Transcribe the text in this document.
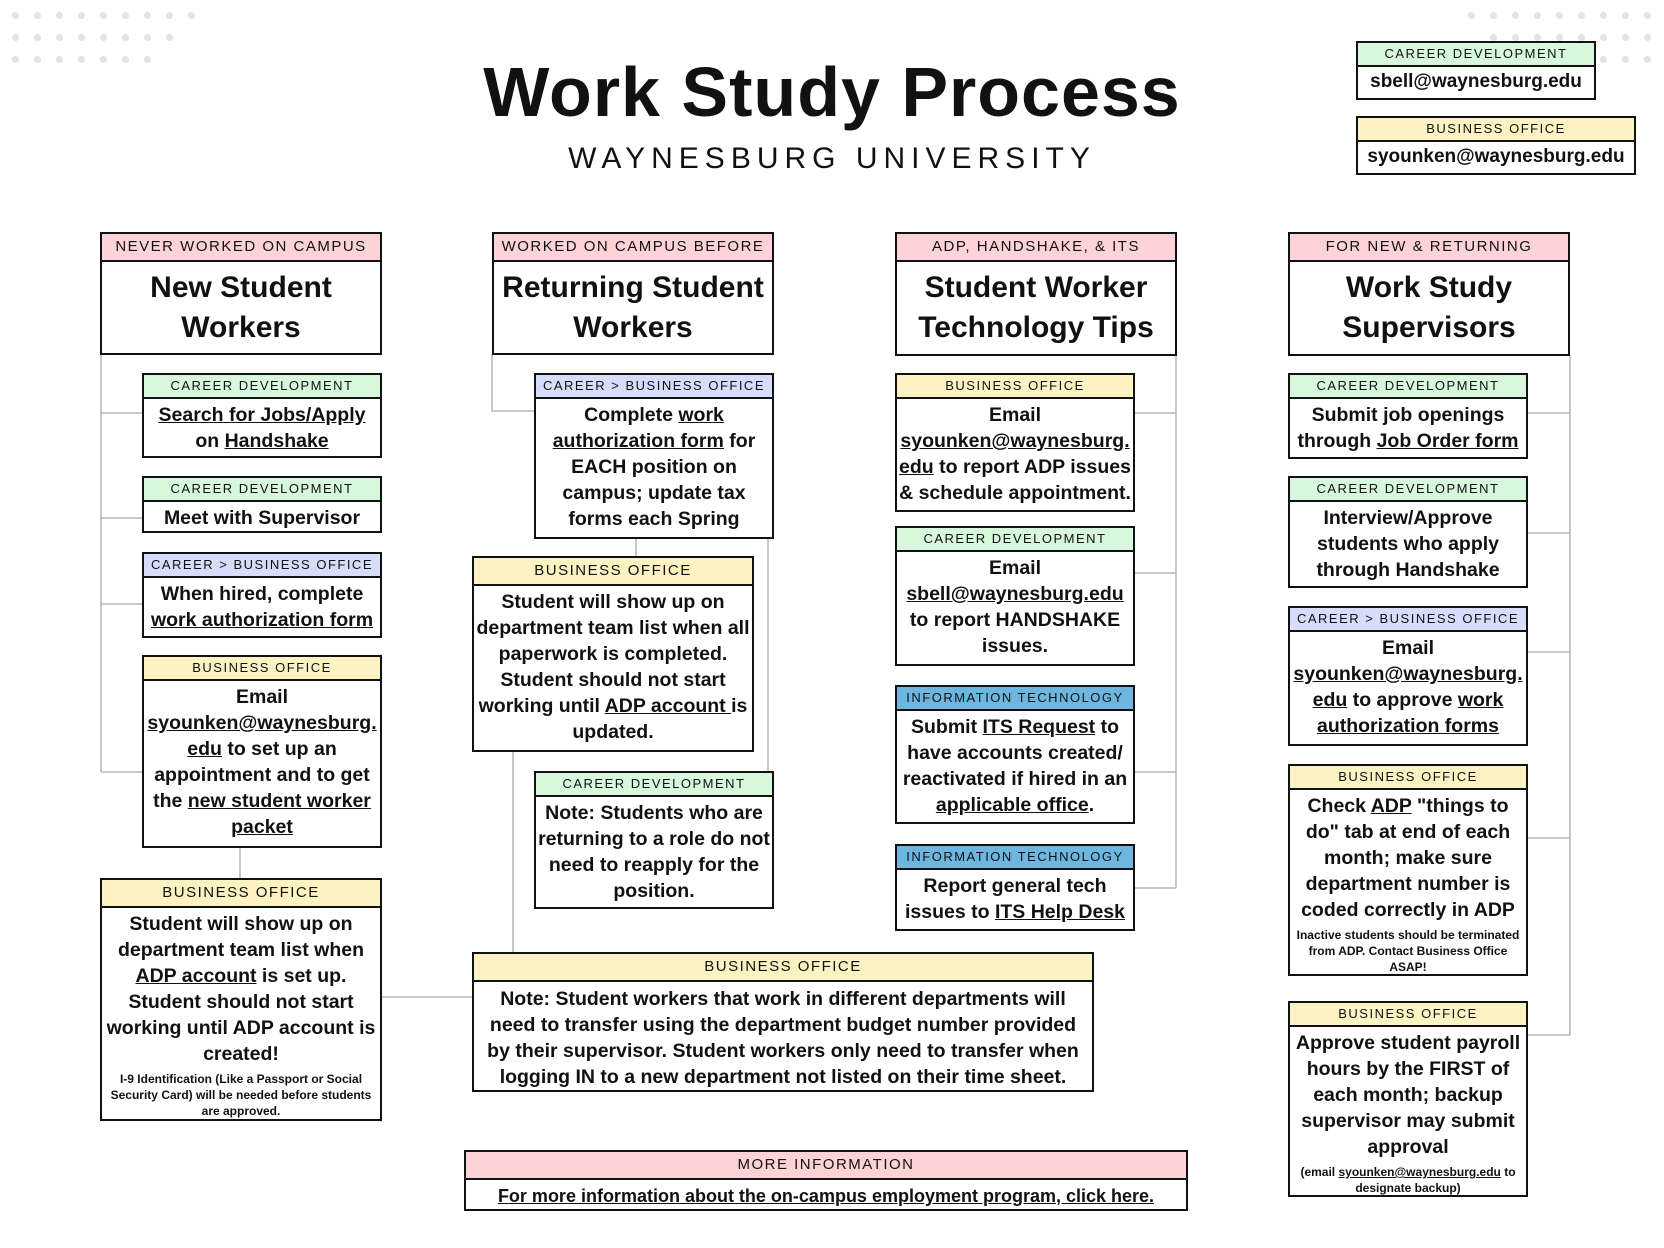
Work Study Process
WAYNESBURG UNIVERSITY
CAREER DEVELOPMENT
sbell@waynesburg.edu
BUSINESS OFFICE
syounken@waynesburg.edu
NEVER WORKED ON CAMPUS
New Student Workers
CAREER DEVELOPMENT
Search for Jobs/Apply on Handshake
CAREER DEVELOPMENT
Meet with Supervisor
CAREER > BUSINESS OFFICE
When hired, complete work authorization form
BUSINESS OFFICE
Email syounken@waynesburg.edu to set up an appointment and to get the new student worker packet
BUSINESS OFFICE
Student will show up on department team list when ADP account is set up. Student should not start working until ADP account is created!
I-9 Identification (Like a Passport or Social Security Card) will be needed before students are approved.
WORKED ON CAMPUS BEFORE
Returning Student Workers
CAREER > BUSINESS OFFICE
Complete work authorization form for EACH position on campus; update tax forms each Spring
BUSINESS OFFICE
Student will show up on department team list when all paperwork is completed. Student should not start working until ADP account is updated.
CAREER DEVELOPMENT
Note: Students who are returning to a role do not need to reapply for the position.
ADP, HANDSHAKE, & ITS
Student Worker Technology Tips
BUSINESS OFFICE
Email syounken@waynesburg.edu to report ADP issues & schedule appointment.
CAREER DEVELOPMENT
Email sbell@waynesburg.edu to report HANDSHAKE issues.
INFORMATION TECHNOLOGY
Submit ITS Request to have accounts created/ reactivated if hired in an applicable office.
INFORMATION TECHNOLOGY
Report general tech issues to ITS Help Desk
FOR NEW & RETURNING
Work Study Supervisors
CAREER DEVELOPMENT
Submit job openings through Job Order form
CAREER DEVELOPMENT
Interview/Approve students who apply through Handshake
CAREER > BUSINESS OFFICE
Email syounken@waynesburg.edu to approve work authorization forms
BUSINESS OFFICE
Check ADP "things to do" tab at end of each month; make sure department number is coded correctly in ADP
Inactive students should be terminated from ADP. Contact Business Office ASAP!
BUSINESS OFFICE
Approve student payroll hours by the FIRST of each month; backup supervisor may submit approval
(email syounken@waynesburg.edu to designate backup)
BUSINESS OFFICE
Note: Student workers that work in different departments will need to transfer using the department budget number provided by their supervisor. Student workers only need to transfer when logging IN to a new department not listed on their time sheet.
MORE INFORMATION
For more information about the on-campus employment program, click here.
